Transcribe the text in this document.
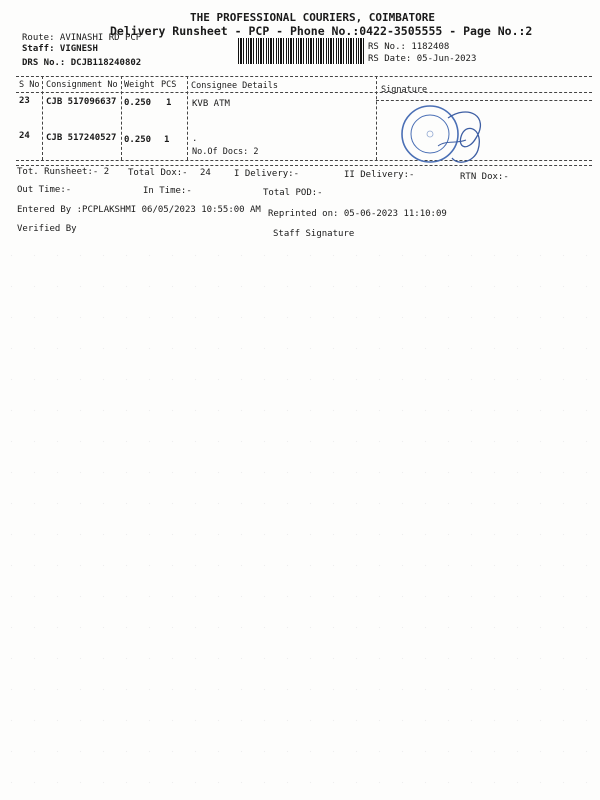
THE PROFESSIONAL COURIERS, COIMBATORE
Delivery Runsheet - PCP - Phone No.:0422-3505555 - Page No.:2
Route: AVINASHI RD PCP
Staff: VIGNESH
DRS No.: DCJB118240802
RS No.: 1182408
RS Date: 05-Jun-2023
S No Consignment No Weight PCS Consignee Details	Signature
23 CJB 517096637 0.250 1 KVB ATM
24 CJB 517240527 0.250 1	.
No.Of Docs: 2
Tot. Runsheet:- 2 Total Dox:- 24	I Delivery:-	II Delivery:-	RTN Dox:-
Out Time:-	In Time:-	Total POD:-
Entered By :PCPLAKSHMI 06/05/2023 10:55:00 AM Reprinted on: 05-06-2023 11:10:09
Verified By	Staff Signature
